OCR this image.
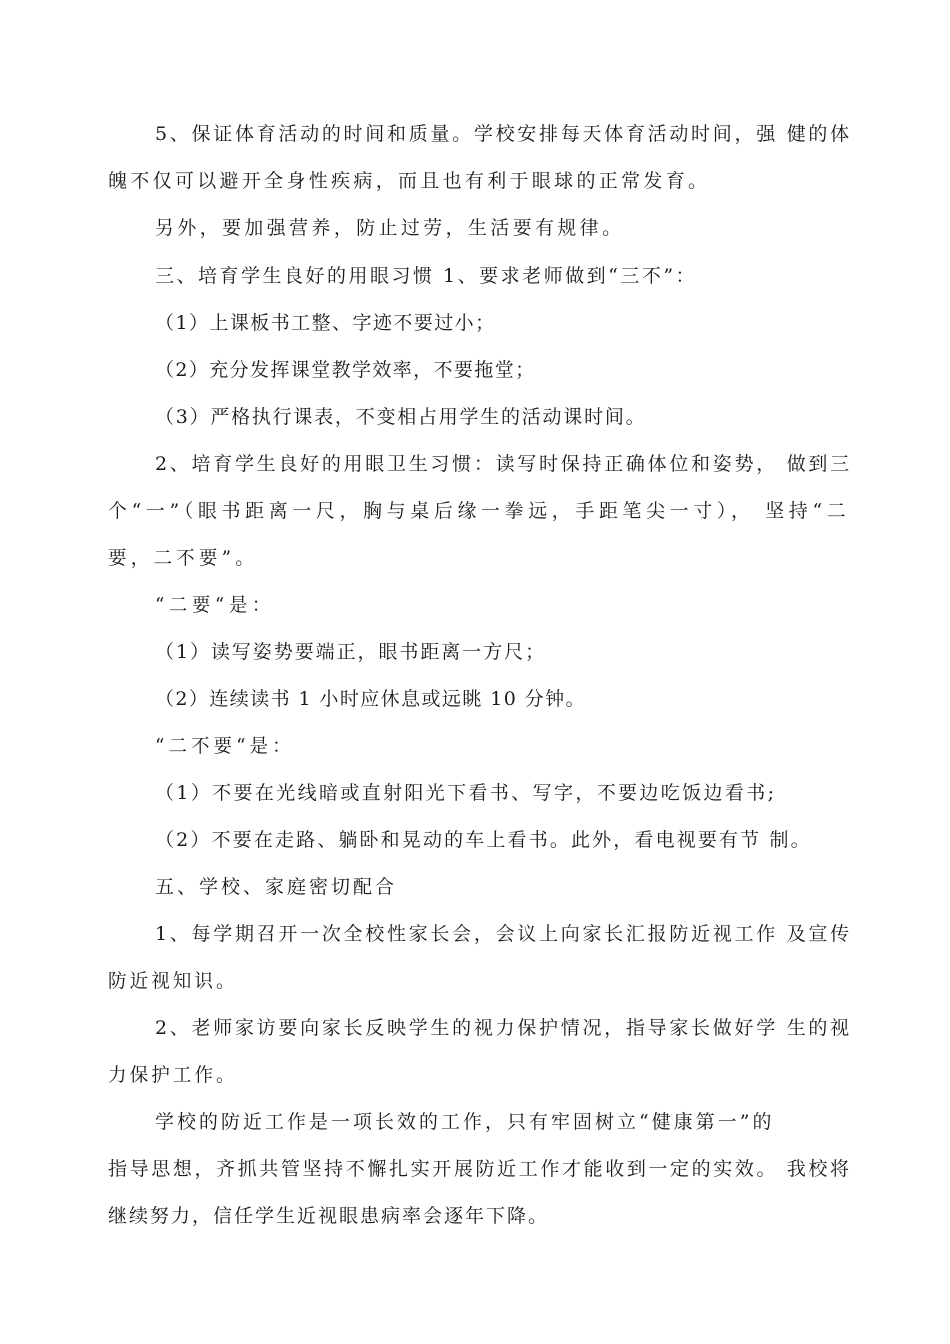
5、保证体育活动的时间和质量。学校安排每天体育活动时间，强 健的体
魄不仅可以避开全身性疾病，而且也有利于眼球的正常发育。
另外，要加强营养，防止过劳，生活要有规律。
三、培育学生良好的用眼习惯 1、要求老师做到“三不”：
（1）上课板书工整、字迹不要过小；
（2）充分发挥课堂教学效率，不要拖堂；
（3）严格执行课表，不变相占用学生的活动课时间。
2、培育学生良好的用眼卫生习惯：读写时保持正确体位和姿势， 做到三
个“一”（眼书距离一尺，胸与桌后缘一拳远，手距笔尖一寸）， 坚持“二
要，二不要”。
“二要“是：
（1）读写姿势要端正，眼书距离一方尺；
（2）连续读书 1 小时应休息或远眺 10 分钟。
“二不要“是：
（1）不要在光线暗或直射阳光下看书、写字，不要边吃饭边看书;
（2）不要在走路、躺卧和晃动的车上看书。此外，看电视要有节 制。
五、学校、家庭密切配合
1、每学期召开一次全校性家长会，会议上向家长汇报防近视工作 及宣传
防近视知识。
2、老师家访要向家长反映学生的视力保护情况，指导家长做好学 生的视
力保护工作。
学校的防近工作是一项长效的工作，只有牢固树立“健康第一”的
指导思想，齐抓共管坚持不懈扎实开展防近工作才能收到一定的实效。 我校将
继续努力，信任学生近视眼患病率会逐年下降。
